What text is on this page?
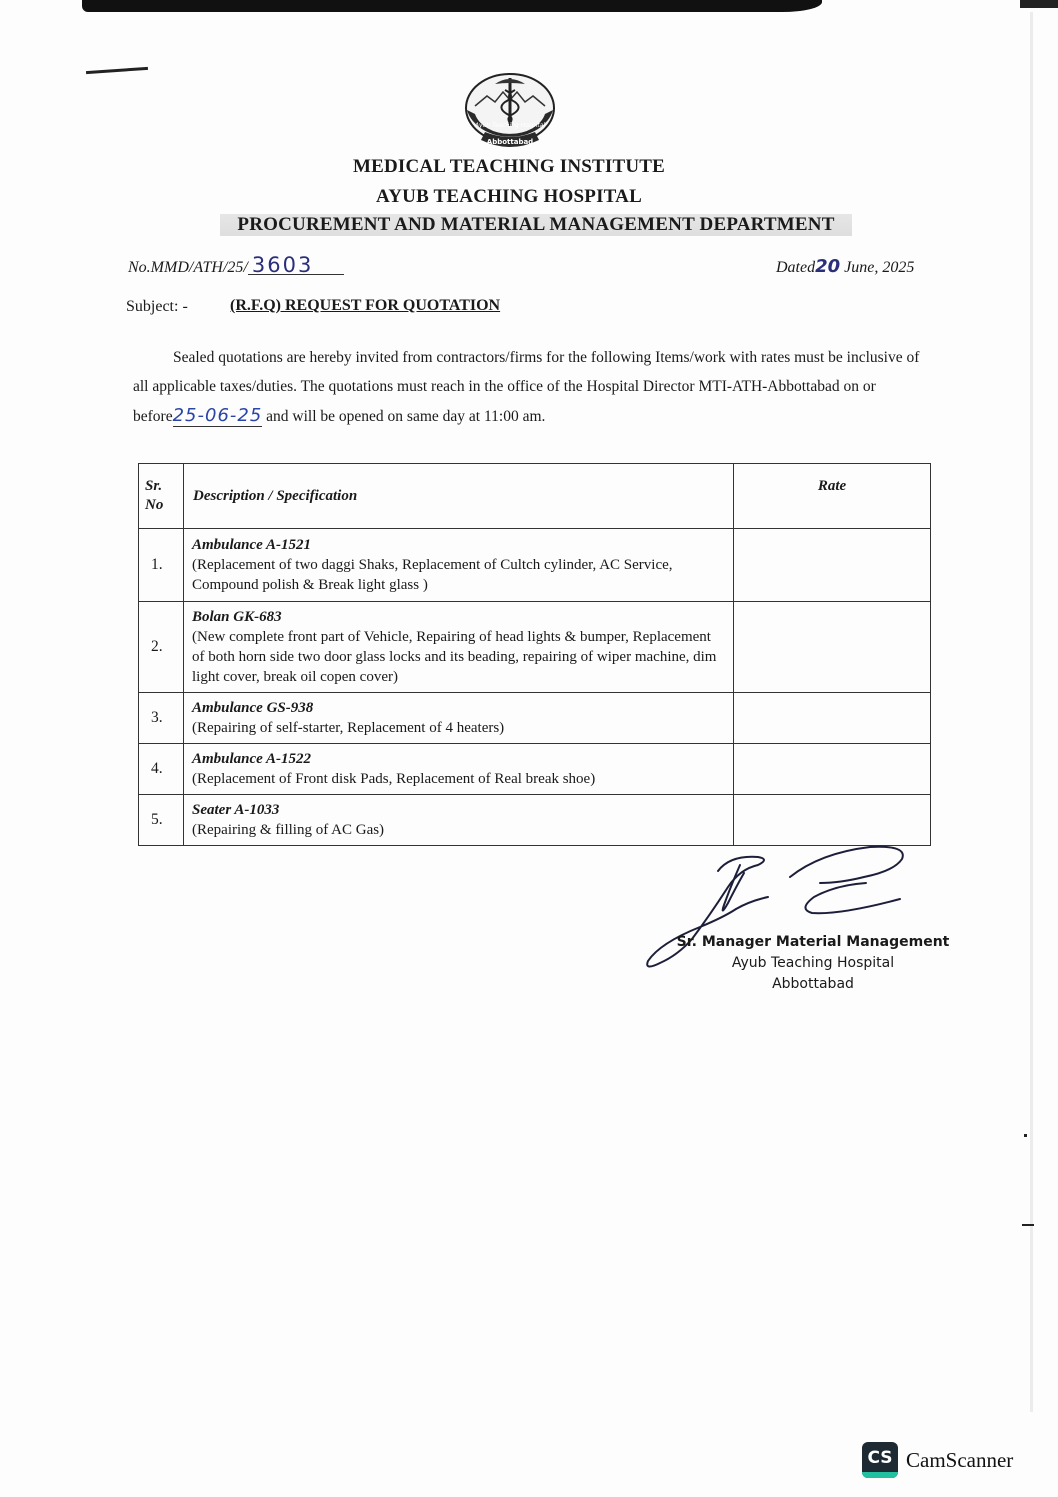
Ayub Teaching Hospital
Abbottabad
MEDICAL TEACHING INSTITUTE
AYUB TEACHING HOSPITAL
PROCUREMENT AND MATERIAL MANAGEMENT DEPARTMENT
No.MMD/ATH/25/ 3603	Dated20 June, 2025
Subject: -	(R.F.Q) REQUEST FOR QUOTATION
Sealed quotations are hereby invited from contractors/firms for the following Items/work with rates must be inclusive of all applicable taxes/duties. The quotations must reach in the office of the Hospital Director MTI-ATH-Abbottabad on or before25-06-25 and will be opened on same day at 11:00 am.
Sr. No	Description / Specification	Rate
1.	Ambulance A-1521
(Replacement of two daggi Shaks, Replacement of Cultch cylinder, AC Service, Compound polish & Break light glass )	
2.	Bolan GK-683
(New complete front part of Vehicle, Repairing of head lights & bumper, Replacement of both horn side two door glass locks and its beading, repairing of wiper machine, dim light cover, break oil copen cover)	
3.	Ambulance GS-938
(Repairing of self-starter, Replacement of 4 heaters)	
4.	Ambulance A-1522
(Replacement of Front disk Pads, Replacement of Real break shoe)	
5.	Seater A-1033
(Repairing & filling of AC Gas)	
Sr. Manager Material Management
Ayub Teaching Hospital
Abbottabad
CS CamScanner
